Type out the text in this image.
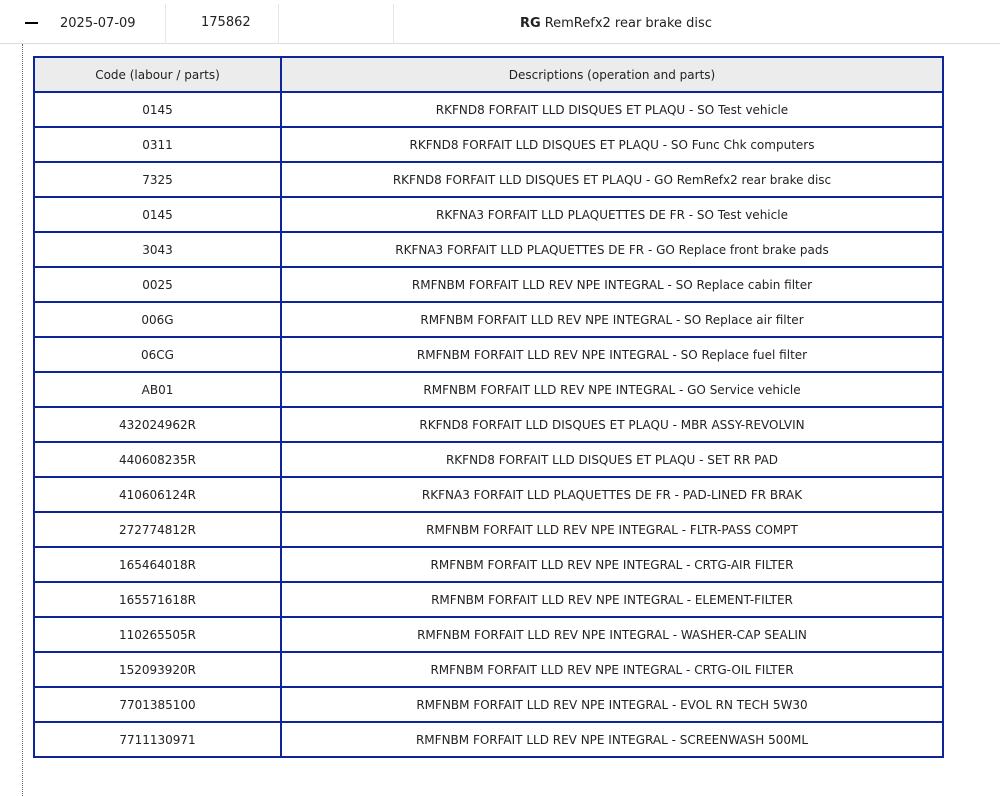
2025-07-09	175862	RG RemRefx2 rear brake disc
Code (labour / parts)	Descriptions (operation and parts)
0145	RKFND8 FORFAIT LLD DISQUES ET PLAQU - SO Test vehicle
0311	RKFND8 FORFAIT LLD DISQUES ET PLAQU - SO Func Chk computers
7325	RKFND8 FORFAIT LLD DISQUES ET PLAQU - GO RemRefx2 rear brake disc
0145	RKFNA3 FORFAIT LLD PLAQUETTES DE FR - SO Test vehicle
3043	RKFNA3 FORFAIT LLD PLAQUETTES DE FR - GO Replace front brake pads
0025	RMFNBM FORFAIT LLD REV NPE INTEGRAL - SO Replace cabin filter
006G	RMFNBM FORFAIT LLD REV NPE INTEGRAL - SO Replace air filter
06CG	RMFNBM FORFAIT LLD REV NPE INTEGRAL - SO Replace fuel filter
AB01	RMFNBM FORFAIT LLD REV NPE INTEGRAL - GO Service vehicle
432024962R	RKFND8 FORFAIT LLD DISQUES ET PLAQU - MBR ASSY-REVOLVIN
440608235R	RKFND8 FORFAIT LLD DISQUES ET PLAQU - SET RR PAD
410606124R	RKFNA3 FORFAIT LLD PLAQUETTES DE FR - PAD-LINED FR BRAK
272774812R	RMFNBM FORFAIT LLD REV NPE INTEGRAL - FLTR-PASS COMPT
165464018R	RMFNBM FORFAIT LLD REV NPE INTEGRAL - CRTG-AIR FILTER
165571618R	RMFNBM FORFAIT LLD REV NPE INTEGRAL - ELEMENT-FILTER
110265505R	RMFNBM FORFAIT LLD REV NPE INTEGRAL - WASHER-CAP SEALIN
152093920R	RMFNBM FORFAIT LLD REV NPE INTEGRAL - CRTG-OIL FILTER
7701385100	RMFNBM FORFAIT LLD REV NPE INTEGRAL - EVOL RN TECH 5W30
7711130971	RMFNBM FORFAIT LLD REV NPE INTEGRAL - SCREENWASH 500ML
